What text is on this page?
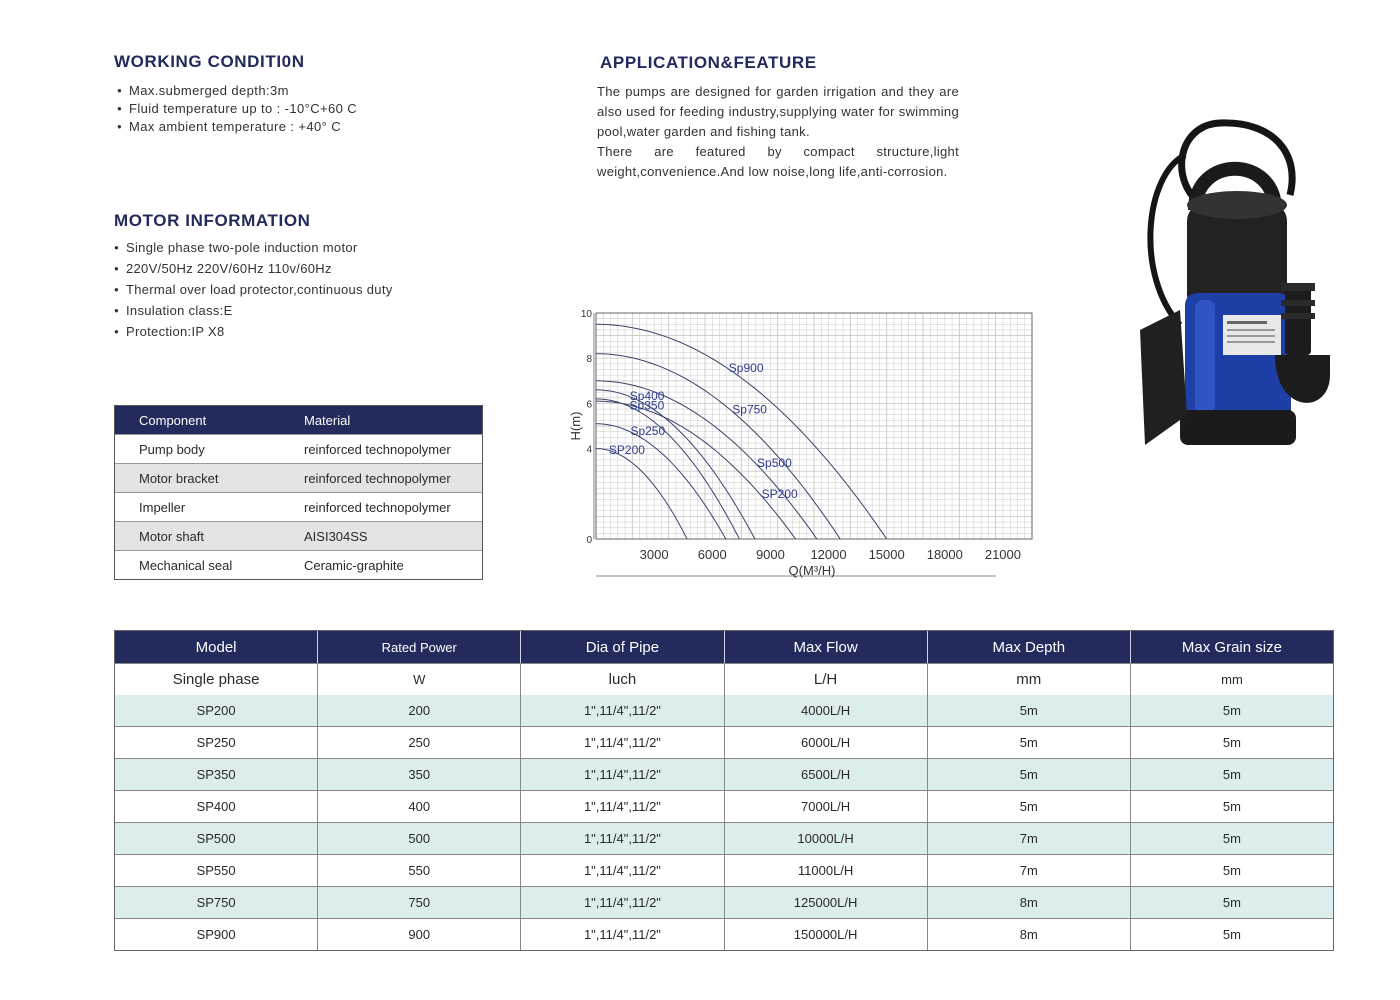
WORKING CONDITI0N
● Max.submerged depth:3m
● Fluid temperature up to : -10°C+60 C
● Max ambient temperature : +40° C
MOTOR INFORMATION
● Single phase two-pole induction motor
● 220V/50Hz 220V/60Hz 110v/60Hz
● Thermal over load protector,continuous duty
● Insulation class:E
● Protection:IP X8
APPLICATION&FEATURE

The pumps are designed for garden irrigation and they are also used for feeding industry,supplying water for swimming pool,water garden and fishing tank.

There are featured by compact structure,light weight,convenience.And low noise,long life,anti-corrosion.

Component	Material
Pump body	reinforced technopolymer
Motor bracket	reinforced technopolymer
Impeller	reinforced technopolymer
Motor shaft	AISI304SS
Mechanical seal	Ceramic-graphite
Sp900
Sp750
Sp500
SP200
Sp400
Sp350
Sp250
SP200
3000 6000 9000 12000 15000 18000 21000
0
4
6
8
10
Q(M³/H)
H(m)
Model	Rated Power	Dia of Pipe	Max Flow	Max Depth	Max Grain size
Single phase	W	luch	L/H	mm	mm
SP200	200	1",11/4",11/2"	4000L/H	5m	5m
SP250	250	1",11/4",11/2"	6000L/H	5m	5m
SP350	350	1",11/4",11/2"	6500L/H	5m	5m
SP400	400	1",11/4",11/2"	7000L/H	5m	5m
SP500	500	1",11/4",11/2"	10000L/H	7m	5m
SP550	550	1",11/4",11/2"	11000L/H	7m	5m
SP750	750	1",11/4",11/2"	125000L/H	8m	5m
SP900	900	1",11/4",11/2"	150000L/H	8m	5m
